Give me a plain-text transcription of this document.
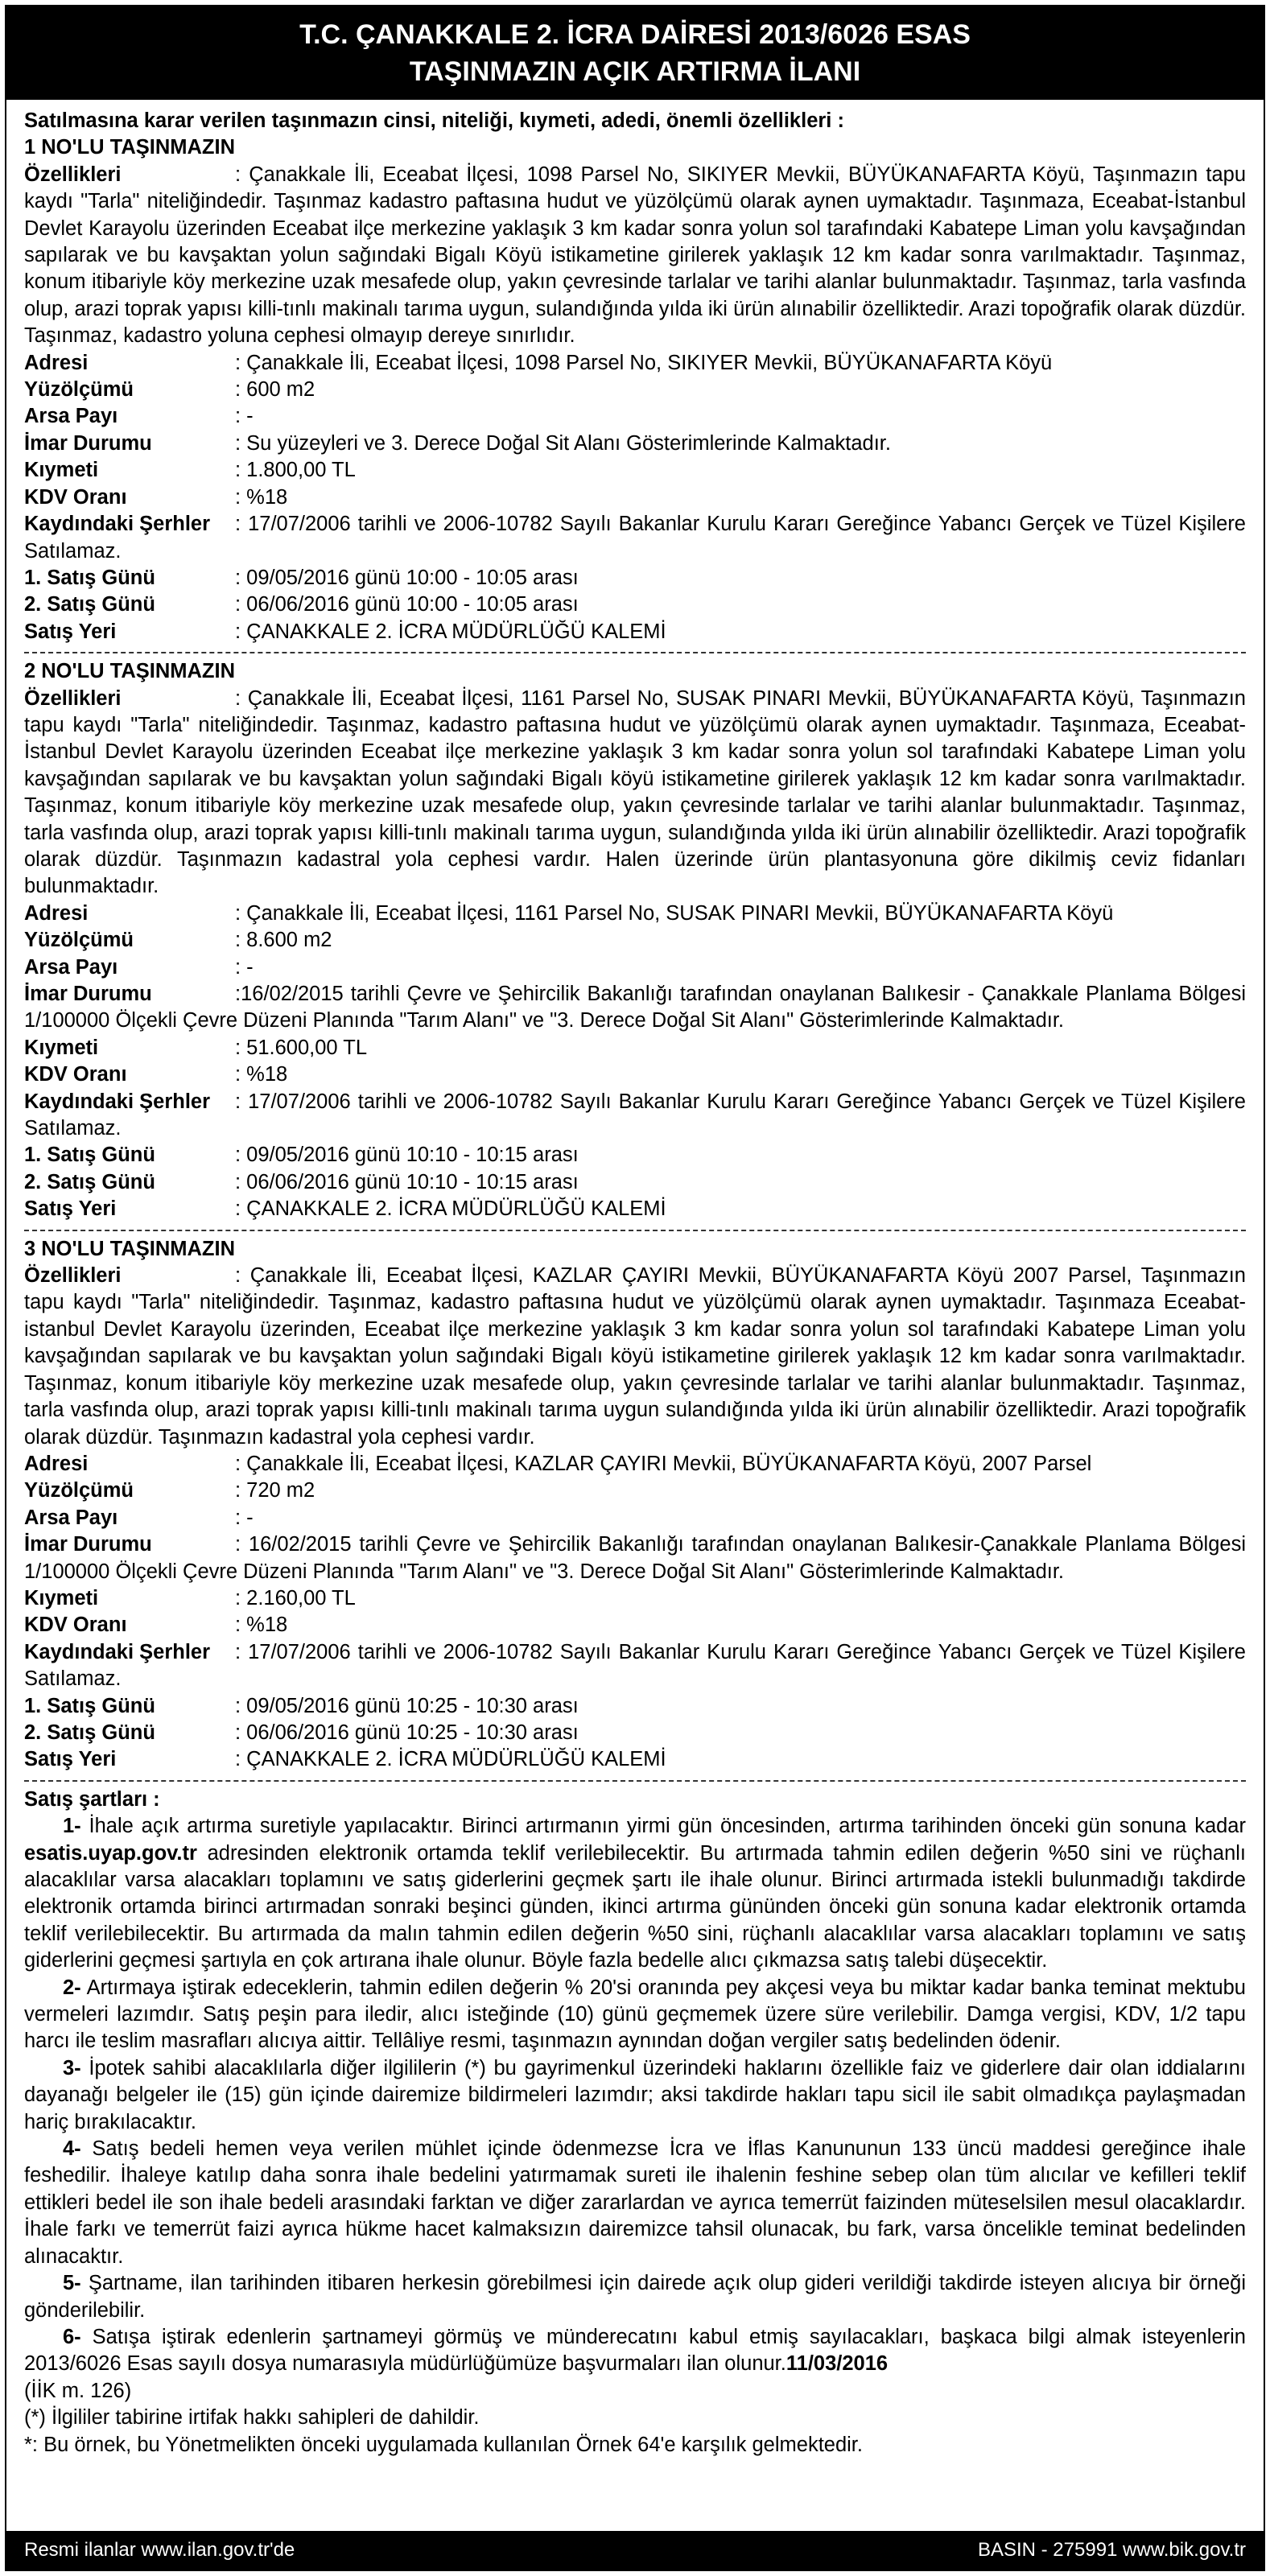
T.C. ÇANAKKALE 2. İCRA DAİRESİ 2013/6026 ESAS
TAŞINMAZIN AÇIK ARTIRMA İLANI
Satılmasına karar verilen taşınmazın cinsi, niteliği, kıymeti, adedi, önemli özellikleri :
1 NO'LU TAŞINMAZIN

Özellikleri	: Çanakkale İli, Eceabat İlçesi, 1098 Parsel No, SIKIYER Mevkii, BÜYÜKANAFARTA Köyü, Taşınmazın tapu kaydı "Tarla" niteliğindedir. Taşınmaz kadastro paftasına hudut ve yüzölçümü olarak aynen uymaktadır. Taşınmaza, Eceabat-İstanbul Devlet Karayolu üzerinden Eceabat ilçe merkezine yaklaşık 3 km kadar sonra yolun sol tarafındaki Kabatepe Liman yolu kavşağından sapılarak ve bu kavşaktan yolun sağındaki Bigalı Köyü istikametine girilerek yaklaşık 12 km kadar sonra varılmaktadır. Taşınmaz, konum itibariyle köy merkezine uzak mesafede olup, yakın çevresinde tarlalar ve tarihi alanlar bulunmaktadır. Taşınmaz, tarla vasfında olup, arazi toprak yapısı killi-tınlı makinalı tarıma uygun, sulandığında yılda iki ürün alınabilir özelliktedir. Arazi topoğrafik olarak düzdür. Taşınmaz, kadastro yoluna cephesi olmayıp dereye sınırlıdır.

Adresi	: Çanakkale İli, Eceabat İlçesi, 1098 Parsel No, SIKIYER Mevkii, BÜYÜKANAFARTA Köyü
Yüzölçümü	: 600 m2
Arsa Payı	: -
İmar Durumu	: Su yüzeyleri ve 3. Derece Doğal Sit Alanı Gösterimlerinde Kalmaktadır.
Kıymeti	: 1.800,00 TL
KDV Oranı	: %18

Kaydındaki Şerhler : 17/07/2006 tarihli ve 2006-10782 Sayılı Bakanlar Kurulu Kararı Gereğince Yabancı Gerçek ve Tüzel Kişilere Satılamaz.

1. Satış Günü	: 09/05/2016 günü 10:00 - 10:05 arası
2. Satış Günü	: 06/06/2016 günü 10:00 - 10:05 arası
Satış Yeri	: ÇANAKKALE 2. İCRA MÜDÜRLÜĞÜ KALEMİ
2 NO'LU TAŞINMAZIN

Özellikleri	: Çanakkale İli, Eceabat İlçesi, 1161 Parsel No, SUSAK PINARI Mevkii, BÜYÜKANAFARTA Köyü, Taşınmazın tapu kaydı "Tarla" niteliğindedir. Taşınmaz, kadastro paftasına hudut ve yüzölçümü olarak aynen uymaktadır. Taşınmaza, Eceabat-İstanbul Devlet Karayolu üzerinden Eceabat ilçe merkezine yaklaşık 3 km kadar sonra yolun sol tarafındaki Kabatepe Liman yolu kavşağından sapılarak ve bu kavşaktan yolun sağındaki Bigalı köyü istikametine girilerek yaklaşık 12 km kadar sonra varılmaktadır. Taşınmaz, konum itibariyle köy merkezine uzak mesafede olup, yakın çevresinde tarlalar ve tarihi alanlar bulunmaktadır. Taşınmaz, tarla vasfında olup, arazi toprak yapısı killi-tınlı makinalı tarıma uygun, sulandığında yılda iki ürün alınabilir özelliktedir. Arazi topoğrafik olarak düzdür. Taşınmazın kadastral yola cephesi vardır. Halen üzerinde ürün plantasyonuna göre dikilmiş ceviz fidanları bulunmaktadır.

Adresi	: Çanakkale İli, Eceabat İlçesi, 1161 Parsel No, SUSAK PINARI Mevkii, BÜYÜKANAFARTA Köyü
Yüzölçümü	: 8.600 m2
Arsa Payı	: -

İmar Durumu	:16/02/2015 tarihli Çevre ve Şehircilik Bakanlığı tarafından onaylanan Balıkesir - Çanakkale Planlama Bölgesi 1/100000 Ölçekli Çevre Düzeni Planında "Tarım Alanı" ve "3. Derece Doğal Sit Alanı" Gösterimlerinde Kalmaktadır.

Kıymeti	: 51.600,00 TL
KDV Oranı	: %18

Kaydındaki Şerhler : 17/07/2006 tarihli ve 2006-10782 Sayılı Bakanlar Kurulu Kararı Gereğince Yabancı Gerçek ve Tüzel Kişilere Satılamaz.

1. Satış Günü	: 09/05/2016 günü 10:10 - 10:15 arası
2. Satış Günü	: 06/06/2016 günü 10:10 - 10:15 arası
Satış Yeri	: ÇANAKKALE 2. İCRA MÜDÜRLÜĞÜ KALEMİ
3 NO'LU TAŞINMAZIN

Özellikleri	: Çanakkale İli, Eceabat İlçesi, KAZLAR ÇAYIRI Mevkii, BÜYÜKANAFARTA Köyü 2007 Parsel, Taşınmazın tapu kaydı "Tarla" niteliğindedir. Taşınmaz, kadastro paftasına hudut ve yüzölçümü olarak aynen uymaktadır. Taşınmaza Eceabat-istanbul Devlet Karayolu üzerinden, Eceabat ilçe merkezine yaklaşık 3 km kadar sonra yolun sol tarafındaki Kabatepe Liman yolu kavşağından sapılarak ve bu kavşaktan yolun sağındaki Bigalı köyü istikametine girilerek yaklaşık 12 km kadar sonra varılmaktadır. Taşınmaz, konum itibariyle köy merkezine uzak mesafede olup, yakın çevresinde tarlalar ve tarihi alanlar bulunmaktadır. Taşınmaz, tarla vasfında olup, arazi toprak yapısı killi-tınlı makinalı tarıma uygun sulandığında yılda iki ürün alınabilir özelliktedir. Arazi topoğrafik olarak düzdür. Taşınmazın kadastral yola cephesi vardır.

Adresi	: Çanakkale İli, Eceabat İlçesi, KAZLAR ÇAYIRI Mevkii, BÜYÜKANAFARTA Köyü, 2007 Parsel
Yüzölçümü	: 720 m2
Arsa Payı	: -

İmar Durumu	: 16/02/2015 tarihli Çevre ve Şehircilik Bakanlığı tarafından onaylanan Balıkesir-Çanakkale Planlama Bölgesi 1/100000 Ölçekli Çevre Düzeni Planında "Tarım Alanı" ve "3. Derece Doğal Sit Alanı" Gösterimlerinde Kalmaktadır.

Kıymeti	: 2.160,00 TL
KDV Oranı	: %18

Kaydındaki Şerhler : 17/07/2006 tarihli ve 2006-10782 Sayılı Bakanlar Kurulu Kararı Gereğince Yabancı Gerçek ve Tüzel Kişilere Satılamaz.

1. Satış Günü	: 09/05/2016 günü 10:25 - 10:30 arası
2. Satış Günü	: 06/06/2016 günü 10:25 - 10:30 arası
Satış Yeri	: ÇANAKKALE 2. İCRA MÜDÜRLÜĞÜ KALEMİ
Satış şartları :

1- İhale açık artırma suretiyle yapılacaktır. Birinci artırmanın yirmi gün öncesinden, artırma tarihinden önceki gün sonuna kadar esatis.uyap.gov.tr adresinden elektronik ortamda teklif verilebilecektir. Bu artırmada tahmin edilen değerin %50 sini ve rüçhanlı alacaklılar varsa alacakları toplamını ve satış giderlerini geçmek şartı ile ihale olunur. Birinci artırmada istekli bulunmadığı takdirde elektronik ortamda birinci artırmadan sonraki beşinci günden, ikinci artırma gününden önceki gün sonuna kadar elektronik ortamda teklif verilebilecektir. Bu artırmada da malın tahmin edilen değerin %50 sini, rüçhanlı alacaklılar varsa alacakları toplamını ve satış giderlerini geçmesi şartıyla en çok artırana ihale olunur. Böyle fazla bedelle alıcı çıkmazsa satış talebi düşecektir.

2- Artırmaya iştirak edeceklerin, tahmin edilen değerin % 20'si oranında pey akçesi veya bu miktar kadar banka teminat mektubu vermeleri lazımdır. Satış peşin para iledir, alıcı isteğinde (10) günü geçmemek üzere süre verilebilir. Damga vergisi, KDV, 1/2 tapu harcı ile teslim masrafları alıcıya aittir. Tellâliye resmi, taşınmazın aynından doğan vergiler satış bedelinden ödenir.

3- İpotek sahibi alacaklılarla diğer ilgililerin (*) bu gayrimenkul üzerindeki haklarını özellikle faiz ve giderlere dair olan iddialarını dayanağı belgeler ile (15) gün içinde dairemize bildirmeleri lazımdır; aksi takdirde hakları tapu sicil ile sabit olmadıkça paylaşmadan hariç bırakılacaktır.

4- Satış bedeli hemen veya verilen mühlet içinde ödenmezse İcra ve İflas Kanununun 133 üncü maddesi gereğince ihale feshedilir. İhaleye katılıp daha sonra ihale bedelini yatırmamak sureti ile ihalenin feshine sebep olan tüm alıcılar ve kefilleri teklif ettikleri bedel ile son ihale bedeli arasındaki farktan ve diğer zararlardan ve ayrıca temerrüt faizinden müteselsilen mesul olacaklardır. İhale farkı ve temerrüt faizi ayrıca hükme hacet kalmaksızın dairemizce tahsil olunacak, bu fark, varsa öncelikle teminat bedelinden alınacaktır.

5- Şartname, ilan tarihinden itibaren herkesin görebilmesi için dairede açık olup gideri verildiği takdirde isteyen alıcıya bir örneği gönderilebilir.

6- Satışa iştirak edenlerin şartnameyi görmüş ve münderecatını kabul etmiş sayılacakları, başkaca bilgi almak isteyenlerin 2013/6026 Esas sayılı dosya numarasıyla müdürlüğümüze başvurmaları ilan olunur.11/03/2016

(İİK m. 126)
(*) İlgililer tabirine irtifak hakkı sahipleri de dahildir.
*: Bu örnek, bu Yönetmelikten önceki uygulamada kullanılan Örnek 64'e karşılık gelmektedir.
Resmi ilanlar www.ilan.gov.tr'de	BASIN - 275991 www.bik.gov.tr
